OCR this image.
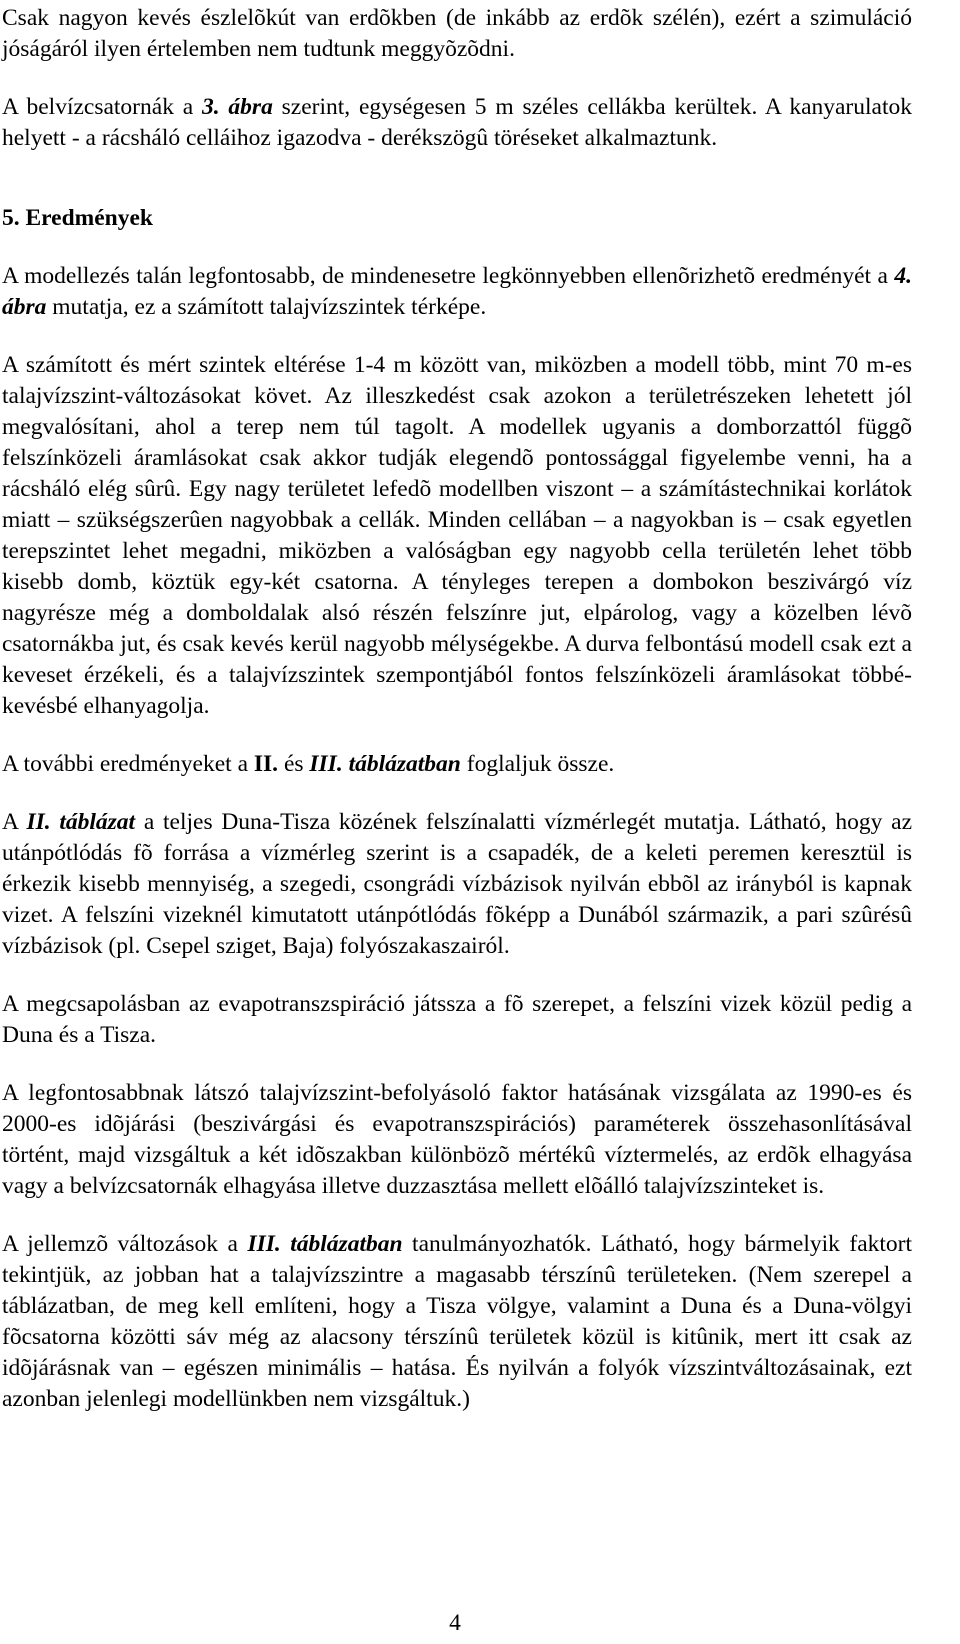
Csak nagyon kevés észlelõkút van erdõkben (de inkább az erdõk szélén), ezért a szimuláció jóságáról ilyen értelemben nem tudtunk meggyõzõdni.

A belvízcsatornák a 3. ábra szerint, egységesen 5 m széles cellákba kerültek. A kanyarulatok helyett - a rácsháló celláihoz igazodva - derékszögû töréseket alkalmaztunk.

5. Eredmények

A modellezés talán legfontosabb, de mindenesetre legkönnyebben ellenõrizhetõ eredményét a 4. ábra mutatja, ez a számított talajvízszintek térképe.

A számított és mért szintek eltérése 1-4 m között van, miközben a modell több, mint 70 m-es talajvízszint-változásokat követ. Az illeszkedést csak azokon a területrészeken lehetett jól megvalósítani, ahol a terep nem túl tagolt. A modellek ugyanis a domborzattól függõ felszínközeli áramlásokat csak akkor tudják elegendõ pontossággal figyelembe venni, ha a rácsháló elég sûrû. Egy nagy területet lefedõ modellben viszont – a számítástechnikai korlátok miatt – szükségszerûen nagyobbak a cellák. Minden cellában – a nagyokban is – csak egyetlen terepszintet lehet megadni, miközben a valóságban egy nagyobb cella területén lehet több kisebb domb, köztük egy-két csatorna. A tényleges terepen a dombokon beszivárgó víz nagyrésze még a domboldalak alsó részén felszínre jut, elpárolog, vagy a közelben lévõ csatornákba jut, és csak kevés kerül nagyobb mélységekbe. A durva felbontású modell csak ezt a keveset érzékeli, és a talajvízszintek szempontjából fontos felszínközeli áramlásokat többé-kevésbé elhanyagolja.

A további eredményeket a II. és III. táblázatban foglaljuk össze.

A II. táblázat a teljes Duna-Tisza közének felszínalatti vízmérlegét mutatja. Látható, hogy az utánpótlódás fõ forrása a vízmérleg szerint is a csapadék, de a keleti peremen keresztül is érkezik kisebb mennyiség, a szegedi, csongrádi vízbázisok nyilván ebbõl az irányból is kapnak vizet. A felszíni vizeknél kimutatott utánpótlódás fõképp a Dunából származik, a pari szûrésû vízbázisok (pl. Csepel sziget, Baja) folyószakaszairól.

A megcsapolásban az evapotranszspiráció játssza a fõ szerepet, a felszíni vizek közül pedig a Duna és a Tisza.

A legfontosabbnak látszó talajvízszint-befolyásoló faktor hatásának vizsgálata az 1990-es és 2000-es idõjárási (beszivárgási és evapotranszspirációs) paraméterek összehasonlításával történt, majd vizsgáltuk a két idõszakban különbözõ mértékû víztermelés, az erdõk elhagyása vagy a belvízcsatornák elhagyása illetve duzzasztása mellett elõálló talajvízszinteket is.

A jellemzõ változások a III. táblázatban tanulmányozhatók. Látható, hogy bármelyik faktort tekintjük, az jobban hat a talajvízszintre a magasabb térszínû területeken. (Nem szerepel a táblázatban, de meg kell említeni, hogy a Tisza völgye, valamint a Duna és a Duna-völgyi fõcsatorna közötti sáv még az alacsony térszínû területek közül is kitûnik, mert itt csak az idõjárásnak van – egészen minimális – hatása. És nyilván a folyók vízszintváltozásainak, ezt azonban jelenlegi modellünkben nem vizsgáltuk.)

4
